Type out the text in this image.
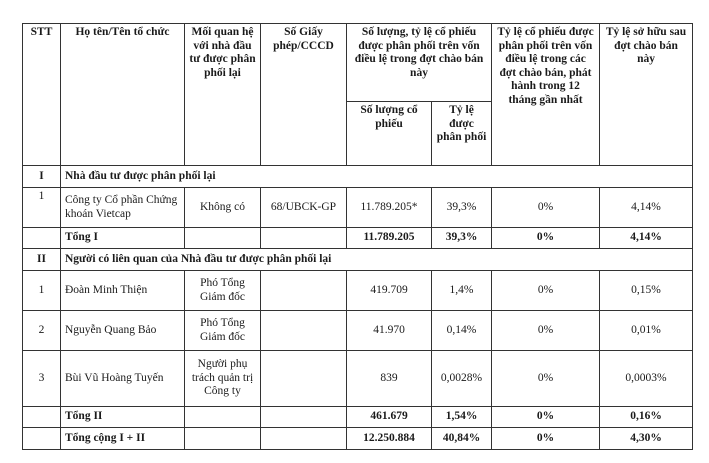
STT	Họ tên/Tên tổ chức	Mối quan hệ với nhà đầu tư được phân phối lại	Số Giấy phép/CCCD	Số lượng, tỷ lệ cổ phiếu được phân phối trên vốn điều lệ trong đợt chào bán này		Tỷ lệ cổ phiếu được phân phối trên vốn điều lệ trong các đợt chào bán, phát hành trong 12 tháng gần nhất	Tỷ lệ sở hữu sau đợt chào bán này
				Số lượng cổ phiếu	Tỷ lệ được phân phối		
I	Nhà đầu tư được phân phối lại						
1	Công ty Cổ phần Chứng khoán Vietcap	Không có	68/UBCK-GP	11.789.205*	39,3%	0%	4,14%
	Tổng I			11.789.205	39,3%	0%	4,14%
II	Người có liên quan của Nhà đầu tư được phân phối lại						
1	Đoàn Minh Thiện	Phó Tổng Giám đốc		419.709	1,4%	0%	0,15%
2	Nguyễn Quang Bảo	Phó Tổng Giám đốc		41.970	0,14%	0%	0,01%
3	Bùi Vũ Hoàng Tuyến	Người phụ trách quản trị Công ty		839	0,0028%	0%	0,0003%
	Tổng II			461.679	1,54%	0%	0,16%
	Tổng cộng I + II			12.250.884	40,84%	0%	4,30%
